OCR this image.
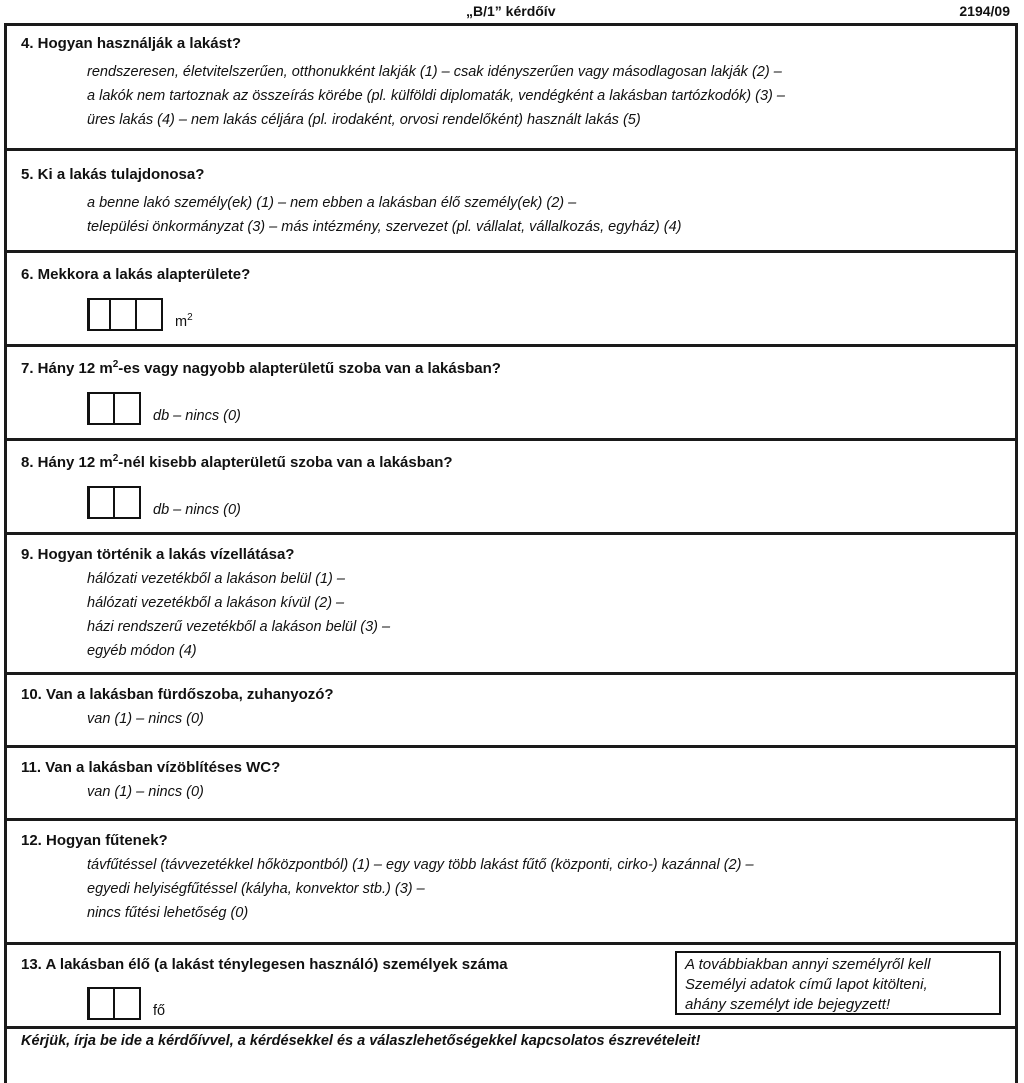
„B/1” kérdőív	2194/09
4. Hogyan használják a lakást?
rendszeresen, életvitelszerűen, otthonukként lakják (1) – csak idényszerűen vagy másodlagosan lakják (2) –
a lakók nem tartoznak az összeírás körébe (pl. külföldi diplomaták, vendégként a lakásban tartózkodók) (3) –
üres lakás (4) – nem lakás céljára (pl. irodaként, orvosi rendelőként) használt lakás (5)
5. Ki a lakás tulajdonosa?
a benne lakó személy(ek) (1) – nem ebben a lakásban élő személy(ek) (2) –
települési önkormányzat (3) – más intézmény, szervezet (pl. vállalat, vállalkozás, egyház) (4)
6. Mekkora a lakás alapterülete?
$m^2$
7. Hány 12 $m^2-es$ vagy nagyobb alapterületű szoba van a lakásban?
db – nincs (0)
8. Hány 12 $m^2$-nél kisebb alapterületű szoba van a lakásban?
db – nincs (0)
9. Hogyan történik a lakás vízellátása?
hálózati vezetékből a lakáson belül (1) –
hálózati vezetékből a lakáson kívül (2) –
házi rendszerű vezetékből a lakáson belül (3) –
egyéb módon (4)
10. Van a lakásban fürdőszoba, zuhanyozó?
van (1) – nincs (0)
11. Van a lakásban vízöblítéses WC?
van (1) – nincs (0)
12. Hogyan fűtenek?
távfűtéssel (távvezetékkel hőközpontból) (1) – egy vagy több lakást fűtő (központi, cirko-) kazánnal (2) –
egyedi helyiségfűtéssel (kályha, konvektor stb.) (3) –
nincs fűtési lehetőség (0)
13. A lakásban élő (a lakást ténylegesen használó) személyek száma
fő
A továbbiakban annyi személyről kell
Személyi adatok című lapot kitölteni,
ahány személyt ide bejegyzett!
Kérjük, írja be ide a kérdőívvel, a kérdésekkel és a válaszlehetőségekkel kapcsolatos észrevételeit!
